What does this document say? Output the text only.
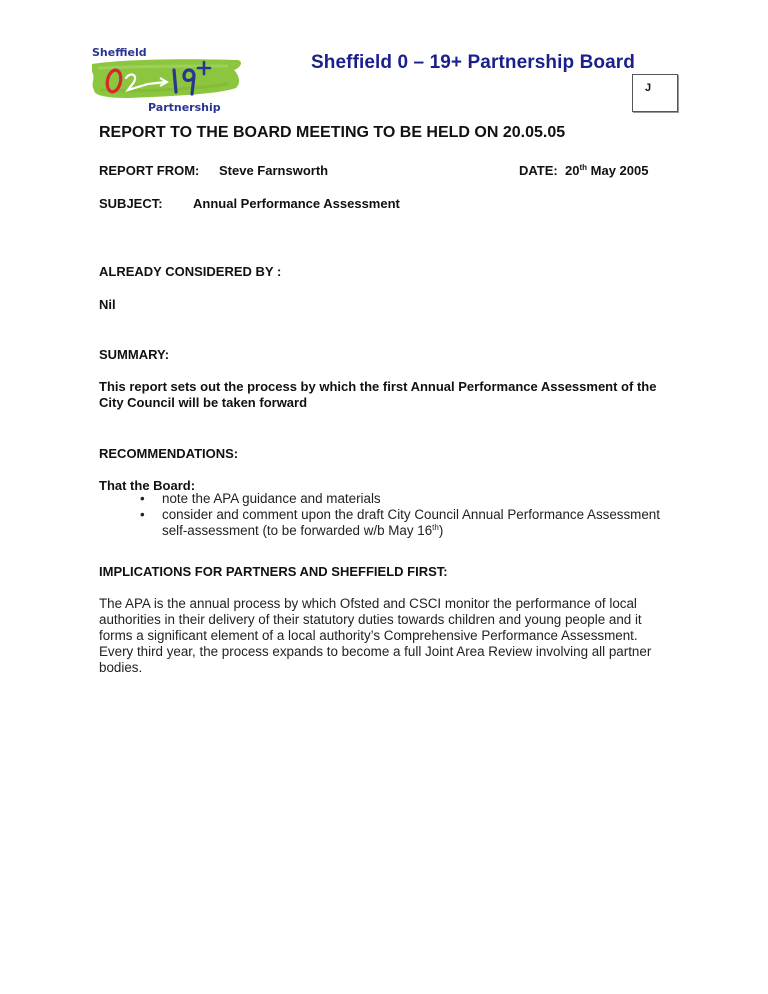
Sheffield
Partnership
Sheffield 0 – 19+ Partnership Board
J
REPORT TO THE BOARD MEETING TO BE HELD ON 20.05.05
REPORT FROM: Steve Farnsworth	DATE: 20th May 2005
SUBJECT: Annual Performance Assessment
ALREADY CONSIDERED BY :
Nil
SUMMARY:
This report sets out the process by which the first Annual Performance Assessment of the City Council will be taken forward
RECOMMENDATIONS:
That the Board:
• note the APA guidance and materials
• consider and comment upon the draft City Council Annual Performance Assessment self-assessment (to be forwarded w/b May 16th)
IMPLICATIONS FOR PARTNERS AND SHEFFIELD FIRST:
The APA is the annual process by which Ofsted and CSCI monitor the performance of local authorities in their delivery of their statutory duties towards children and young people and it forms a significant element of a local authority’s Comprehensive Performance Assessment. Every third year, the process expands to become a full Joint Area Review involving all partner bodies.
